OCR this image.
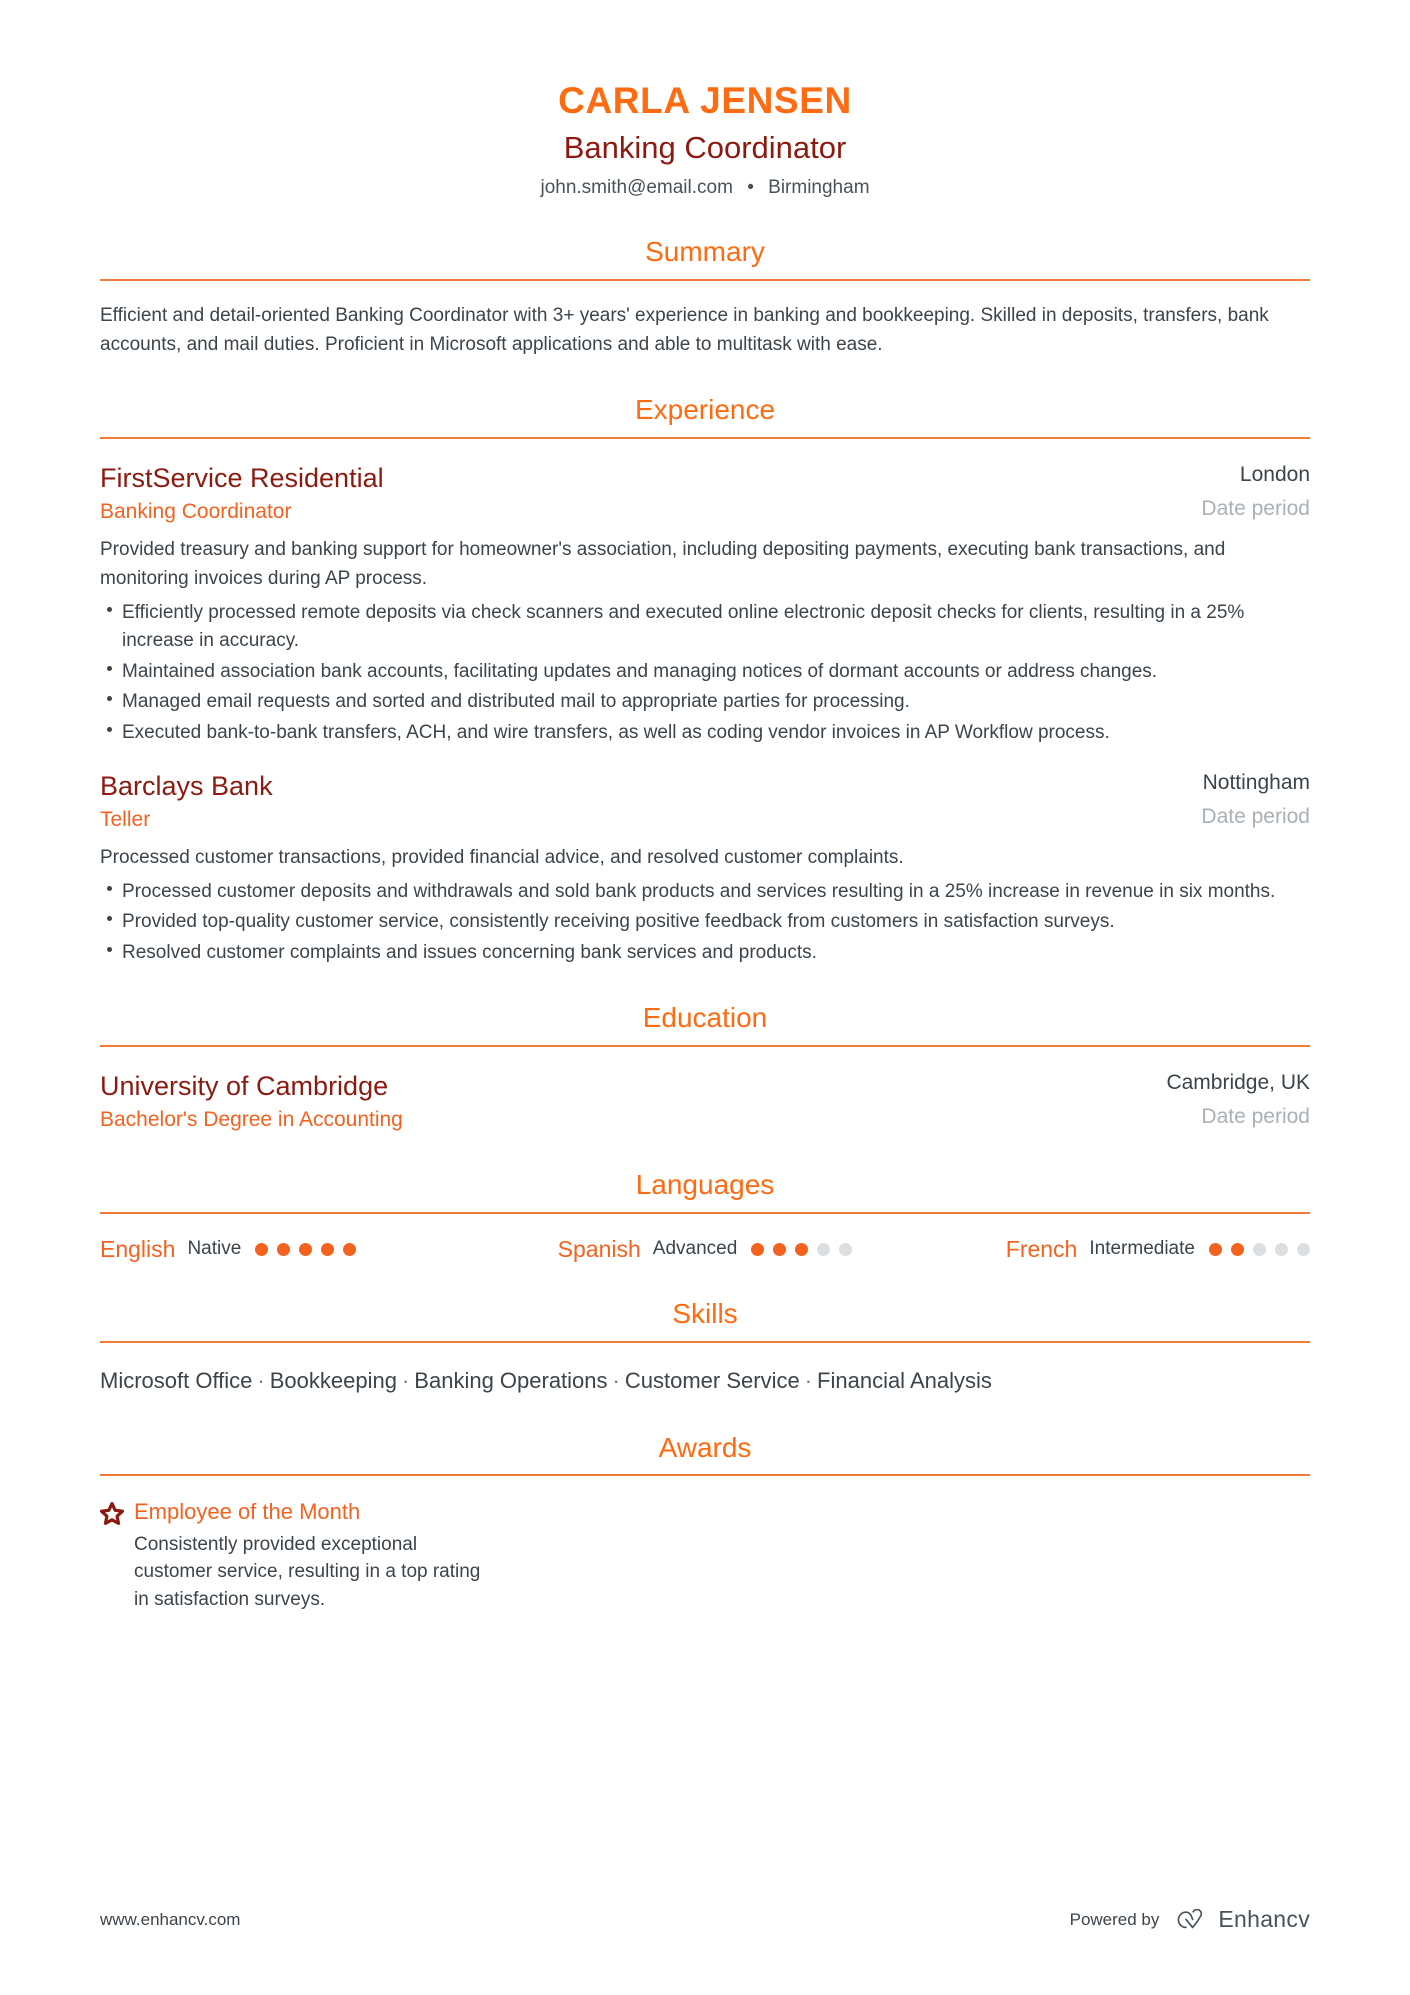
CARLA JENSEN
Banking Coordinator
john.smith@email.com • Birmingham
Summary
Efficient and detail-oriented Banking Coordinator with 3+ years' experience in banking and bookkeeping. Skilled in deposits, transfers, bank accounts, and mail duties. Proficient in Microsoft applications and able to multitask with ease.
Experience
FirstService Residential
Banking Coordinator
London
Date period
Provided treasury and banking support for homeowner's association, including depositing payments, executing bank transactions, and monitoring invoices during AP process.
Efficiently processed remote deposits via check scanners and executed online electronic deposit checks for clients, resulting in a 25% increase in accuracy.
Maintained association bank accounts, facilitating updates and managing notices of dormant accounts or address changes.
Managed email requests and sorted and distributed mail to appropriate parties for processing.
Executed bank-to-bank transfers, ACH, and wire transfers, as well as coding vendor invoices in AP Workflow process.
Barclays Bank
Teller
Nottingham
Date period
Processed customer transactions, provided financial advice, and resolved customer complaints.
Processed customer deposits and withdrawals and sold bank products and services resulting in a 25% increase in revenue in six months.
Provided top-quality customer service, consistently receiving positive feedback from customers in satisfaction surveys.
Resolved customer complaints and issues concerning bank services and products.
Education
University of Cambridge
Bachelor's Degree in Accounting
Cambridge, UK
Date period
Languages
English Native	Spanish Advanced	French Intermediate
Skills
Microsoft Office · Bookkeeping · Banking Operations · Customer Service · Financial Analysis
Awards
Employee of the Month
Consistently provided exceptional customer service, resulting in a top rating in satisfaction surveys.
www.enhancv.com	Powered by	Enhancv
